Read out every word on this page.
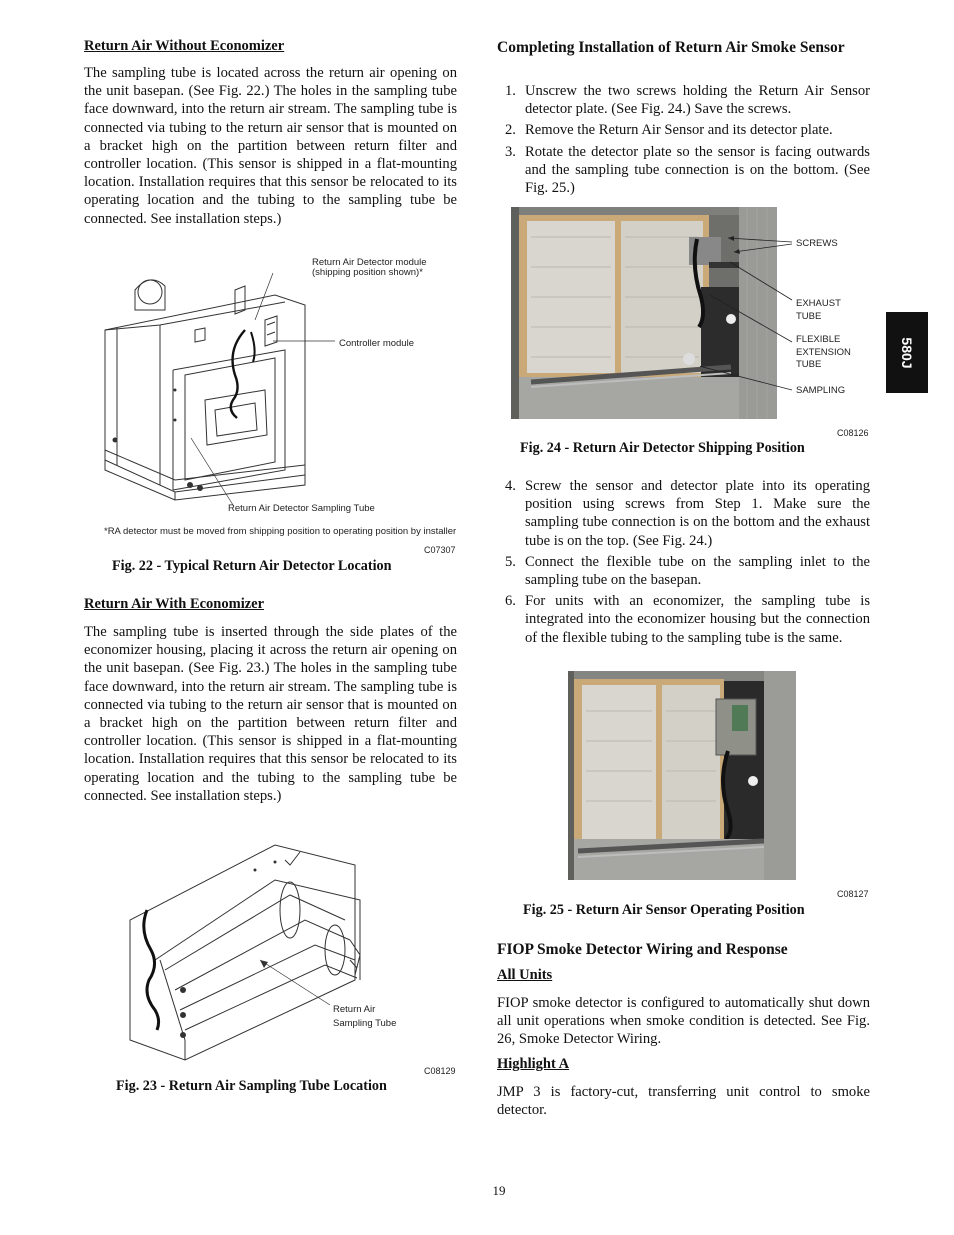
Return Air Without Economizer
The sampling tube is located across the return air opening on the unit basepan. (See Fig. 22.) The holes in the sampling tube face downward, into the return air stream. The sampling tube is connected via tubing to the return air sensor that is mounted on a bracket high on the partition between return filter and controller location. (This sensor is shipped in a flat-mounting location. Installation requires that this sensor be relocated to its operating location and the tubing to the sampling tube be connected. See installation steps.)
Return Air Detector module
(shipping position shown)*
Controller module
Return Air Detector Sampling Tube
*RA detector must be moved from shipping position to operating position by installer
C07307
Fig. 22 - Typical Return Air Detector Location
Return Air With Economizer
The sampling tube is inserted through the side plates of the economizer housing, placing it across the return air opening on the unit basepan. (See Fig. 23.) The holes in the sampling tube face downward, into the return air stream. The sampling tube is connected via tubing to the return air sensor that is mounted on a bracket high on the partition between return filter and controller location. (This sensor is shipped in a flat-mounting location. Installation requires that this sensor be relocated to its operating location and the tubing to the sampling tube be connected. See installation steps.)
Return Air
Sampling Tube
C08129
Fig. 23 - Return Air Sampling Tube Location
Completing Installation of Return Air Smoke Sensor
1. Unscrew the two screws holding the Return Air Sensor detector plate. (See Fig. 24.) Save the screws.
2. Remove the Return Air Sensor and its detector plate.
3. Rotate the detector plate so the sensor is facing outwards and the sampling tube connection is on the bottom. (See Fig. 25.)
SCREWS
EXHAUST
TUBE
FLEXIBLE
EXTENSION
TUBE
SAMPLING
C08126
Fig. 24 - Return Air Detector Shipping Position
4. Screw the sensor and detector plate into its operating position using screws from Step 1. Make sure the sampling tube connection is on the bottom and the exhaust tube is on the top. (See Fig. 24.)
5. Connect the flexible tube on the sampling inlet to the sampling tube on the basepan.
6. For units with an economizer, the sampling tube is integrated into the economizer housing but the connection of the flexible tubing to the sampling tube is the same.
C08127
Fig. 25 - Return Air Sensor Operating Position
FIOP Smoke Detector Wiring and Response
All Units
FIOP smoke detector is configured to automatically shut down all unit operations when smoke condition is detected. See Fig. 26, Smoke Detector Wiring.
Highlight A
JMP 3 is factory-cut, transferring unit control to smoke detector.
580J
19
